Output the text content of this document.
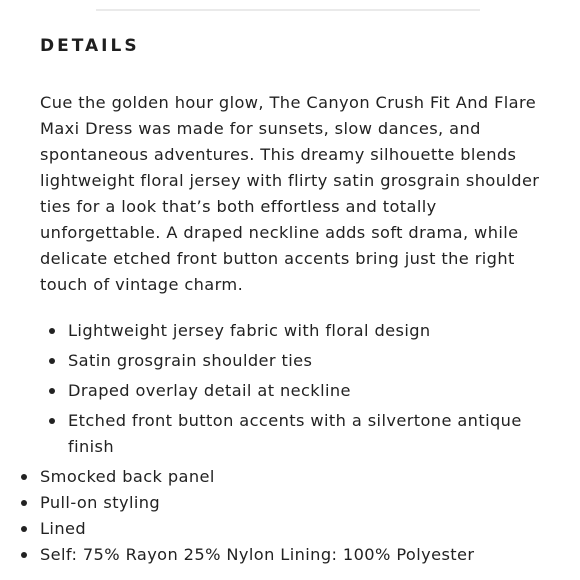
DETAILS

Cue the golden hour glow, The Canyon Crush Fit And Flare Maxi Dress was made for sunsets, slow dances, and spontaneous adventures. This dreamy silhouette blends lightweight floral jersey with flirty satin grosgrain shoulder ties for a look that’s both effortless and totally unforgettable. A draped neckline adds soft drama, while delicate etched front button accents bring just the right touch of vintage charm.

Lightweight jersey fabric with floral design
Satin grosgrain shoulder ties
Draped overlay detail at neckline
Etched front button accents with a silvertone antique finish
Smocked back panel
Pull-on styling
Lined
Self: 75% Rayon 25% Nylon Lining: 100% Polyester
